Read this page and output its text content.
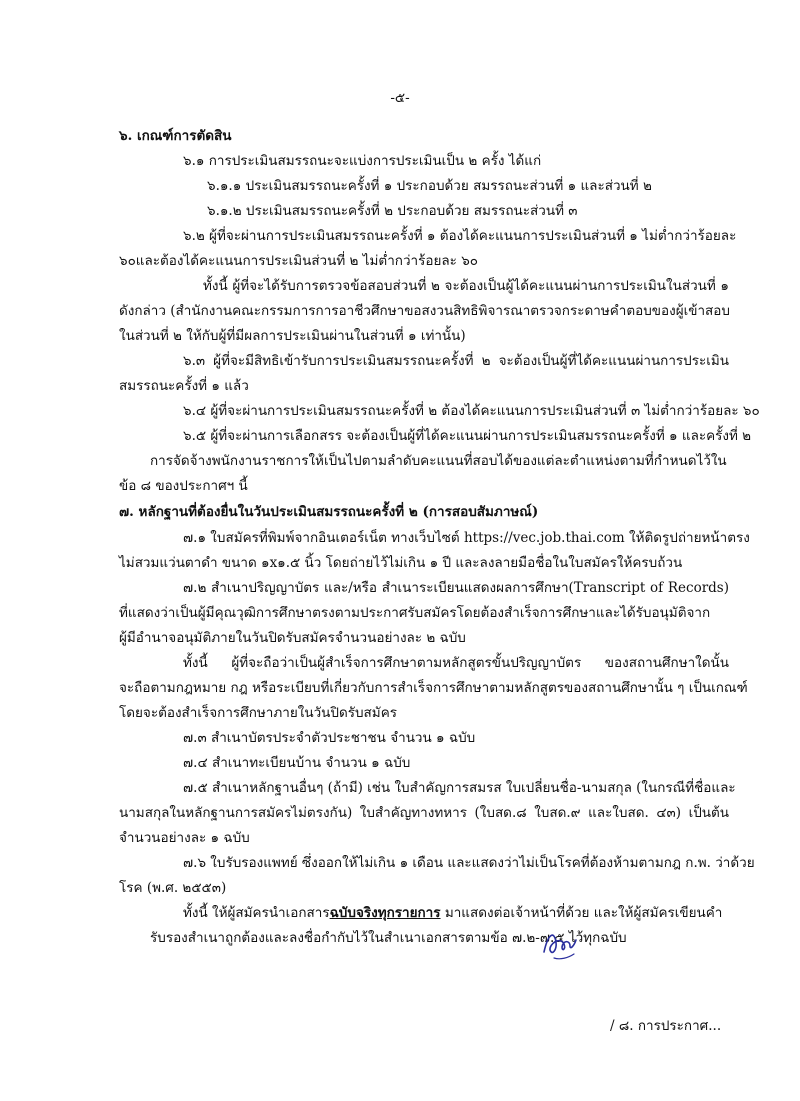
-๕-
๖. เกณฑ์การตัดสิน
๖.๑ การประเมินสมรรถนะจะแบ่งการประเมินเป็น ๒ ครั้ง ได้แก่
๖.๑.๑ ประเมินสมรรถนะครั้งที่ ๑ ประกอบด้วย สมรรถนะส่วนที่ ๑ และส่วนที่ ๒
๖.๑.๒ ประเมินสมรรถนะครั้งที่ ๒ ประกอบด้วย สมรรถนะส่วนที่ ๓
๖.๒ ผู้ที่จะผ่านการประเมินสมรรถนะครั้งที่ ๑ ต้องได้คะแนนการประเมินส่วนที่ ๑ ไม่ต่ำกว่าร้อยละ
๖๐และต้องได้คะแนนการประเมินส่วนที่ ๒ ไม่ต่ำกว่าร้อยละ ๖๐
ทั้งนี้ ผู้ที่จะได้รับการตรวจข้อสอบส่วนที่ ๒ จะต้องเป็นผู้ได้คะแนนผ่านการประเมินในส่วนที่ ๑
ดังกล่าว (สำนักงานคณะกรรมการการอาชีวศึกษาขอสงวนสิทธิพิจารณาตรวจกระดาษคำตอบของผู้เข้าสอบ
ในส่วนที่ ๒ ให้กับผู้ที่มีผลการประเมินผ่านในส่วนที่ ๑ เท่านั้น)
๖.๓ ผู้ที่จะมีสิทธิเข้ารับการประเมินสมรรถนะครั้งที่ ๒ จะต้องเป็นผู้ที่ได้คะแนนผ่านการประเมิน
สมรรถนะครั้งที่ ๑ แล้ว
๖.๔ ผู้ที่จะผ่านการประเมินสมรรถนะครั้งที่ ๒ ต้องได้คะแนนการประเมินส่วนที่ ๓ ไม่ต่ำกว่าร้อยละ ๖๐
๖.๕ ผู้ที่จะผ่านการเลือกสรร จะต้องเป็นผู้ที่ได้คะแนนผ่านการประเมินสมรรถนะครั้งที่ ๑ และครั้งที่ ๒
การจัดจ้างพนักงานราชการให้เป็นไปตามลำดับคะแนนที่สอบได้ของแต่ละตำแหน่งตามที่กำหนดไว้ใน
ข้อ ๘ ของประกาศฯ นี้
๗. หลักฐานที่ต้องยื่นในวันประเมินสมรรถนะครั้งที่ ๒ (การสอบสัมภาษณ์)
๗.๑ ใบสมัครที่พิมพ์จากอินเตอร์เน็ต ทางเว็บไซต์ https://vec.job.thai.com ให้ติดรูปถ่ายหน้าตรง
ไม่สวมแว่นตาดำ ขนาด ๑x๑.๕ นิ้ว โดยถ่ายไว้ไม่เกิน ๑ ปี และลงลายมือชื่อในใบสมัครให้ครบถ้วน
๗.๒ สำเนาปริญญาบัตร และ/หรือ สำเนาระเบียนแสดงผลการศึกษา(Transcript of Records)
ที่แสดงว่าเป็นผู้มีคุณวุฒิการศึกษาตรงตามประกาศรับสมัครโดยต้องสำเร็จการศึกษาและได้รับอนุมัติจาก
ผู้มีอำนาจอนุมัติภายในวันปิดรับสมัครจำนวนอย่างละ ๒ ฉบับ
ทั้งนี้ ผู้ที่จะถือว่าเป็นผู้สำเร็จการศึกษาตามหลักสูตรขั้นปริญญาบัตร ของสถานศึกษาใดนั้น
จะถือตามกฎหมาย กฎ หรือระเบียบที่เกี่ยวกับการสำเร็จการศึกษาตามหลักสูตรของสถานศึกษานั้น ๆ เป็นเกณฑ์
โดยจะต้องสำเร็จการศึกษาภายในวันปิดรับสมัคร
๗.๓ สำเนาบัตรประจำตัวประชาชน จำนวน ๑ ฉบับ
๗.๔ สำเนาทะเบียนบ้าน จำนวน ๑ ฉบับ
๗.๕ สำเนาหลักฐานอื่นๆ (ถ้ามี) เช่น ใบสำคัญการสมรส ใบเปลี่ยนชื่อ-นามสกุล (ในกรณีที่ชื่อและ
นามสกุลในหลักฐานการสมัครไม่ตรงกัน) ใบสำคัญทางทหาร (ใบสด.๘ ใบสด.๙ และใบสด. ๔๓) เป็นต้น
จำนวนอย่างละ ๑ ฉบับ
๗.๖ ใบรับรองแพทย์ ซึ่งออกให้ไม่เกิน ๑ เดือน และแสดงว่าไม่เป็นโรคที่ต้องห้ามตามกฎ ก.พ. ว่าด้วย
โรค (พ.ศ. ๒๕๕๓)
ทั้งนี้ ให้ผู้สมัครนำเอกสารฉบับจริงทุกรายการ มาแสดงต่อเจ้าหน้าที่ด้วย และให้ผู้สมัครเขียนคำ
รับรองสำเนาถูกต้องและลงชื่อกำกับไว้ในสำเนาเอกสารตามข้อ ๗.๒-๗.๕ ไว้ทุกฉบับ
/ ๘. การประกาศ...
